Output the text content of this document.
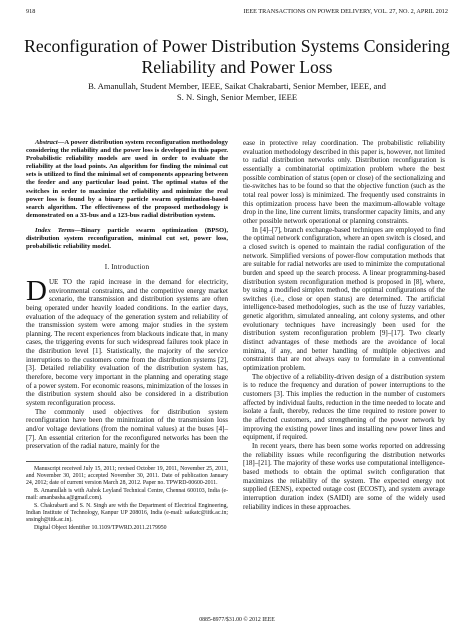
918	IEEE TRANSACTIONS ON POWER DELIVERY, VOL. 27, NO. 2, APRIL 2012
Reconfiguration of Power Distribution Systems Considering Reliability and Power Loss
B. Amanullah, Student Member, IEEE, Saikat Chakrabarti, Senior Member, IEEE, and
S. N. Singh, Senior Member, IEEE

Abstract—A power distribution system reconfiguration methodology considering the reliability and the power loss is developed in this paper. Probabilistic reliability models are used in order to evaluate the reliability at the load points. An algorithm for finding the minimal cut sets is utilized to find the minimal set of components appearing between the feeder and any particular load point. The optimal status of the switches in order to maximize the reliability and minimize the real power loss is found by a binary particle swarm optimization-based search algorithm. The effectiveness of the proposed methodology is demonstrated on a 33-bus and a 123-bus radial distribution system.

Index Terms—Binary particle swarm optimization (BPSO), distribution system reconfiguration, minimal cut set, power loss, probabilistic reliability model.

I. Introduction

DUE TO the rapid increase in the demand for electricity, environmental constraints, and the competitive energy market scenario, the transmission and distribution systems are often being operated under heavily loaded conditions. In the earlier days, evaluation of the adequacy of the generation system and reliability of the transmission system were among major studies in the system planning. The recent experiences from blackouts indicate that, in many cases, the triggering events for such widespread failures took place in the distribution level [1]. Statistically, the majority of the service interruptions to the customers come from the distribution systems [2], [3]. Detailed reliability evaluation of the distribution system has, therefore, become very important in the planning and operating stage of a power system. For economic reasons, minimization of the losses in the distribution system should also be considered in a distribution system reconfiguration process.

The commonly used objectives for distribution system reconfiguration have been the minimization of the transmission loss and/or voltage deviations (from the nominal values) at the buses [4]–[7]. An essential criterion for the reconfigured networks has been the preservation of the radial nature, mainly for the

Manuscript received July 15, 2011; revised October 19, 2011, November 25, 2011, and November 30, 2011; accepted November 30, 2011. Date of publication January 24, 2012; date of current version March 28, 2012. Paper no. TPWRD-00600-2011.

B. Amanullah is with Ashok Leyland Technical Centre, Chennai 600103, India (e-mail: amanbasha.a@gmail.com).

S. Chakrabarti and S. N. Singh are with the Department of Electrical Engineering, Indian Institute of Technology, Kanpur UP 208016, India (e-mail: saikatc@iitk.ac.in; snsingh@iitk.ac.in).

Digital Object Identifier 10.1109/TPWRD.2011.2179950

ease in protective relay coordination. The probabilistic reliability evaluation methodology described in this paper is, however, not limited to radial distribution networks only. Distribution reconfiguration is essentially a combinatorial optimization problem where the best possible combination of status (open or close) of the sectionalizing and tie-switches has to be found so that the objective function (such as the total real power loss) is minimized. The frequently used constraints in this optimization process have been the maximum-allowable voltage drop in the line, line current limits, transformer capacity limits, and any other possible network operational or planning constraints.

In [4]–[7], branch exchange-based techniques are employed to find the optimal network configuration, where an open switch is closed, and a closed switch is opened to maintain the radial configuration of the network. Simplified versions of power-flow computation methods that are suitable for radial networks are used to minimize the computational burden and speed up the search process. A linear programming-based distribution system reconfiguration method is proposed in [8], where, by using a modified simplex method, the optimal configurations of the switches (i.e., close or open status) are determined. The artificial intelligence-based methodologies, such as the use of fuzzy variables, genetic algorithm, simulated annealing, ant colony systems, and other evolutionary techniques have increasingly been used for the distribution system reconfiguration problem [9]–[17]. Two clearly distinct advantages of these methods are the avoidance of local minima, if any, and better handling of multiple objectives and constraints that are not always easy to formulate in a conventional optimization problem.

The objective of a reliability-driven design of a distribution system is to reduce the frequency and duration of power interruptions to the customers [3]. This implies the reduction in the number of customers affected by individual faults, reduction in the time needed to locate and isolate a fault, thereby, reduces the time required to restore power to the affected customers, and strengthening of the power network by improving the existing power lines and installing new power lines and equipment, if required.

In recent years, there has been some works reported on addressing the reliability issues while reconfiguring the distribution networks [18]–[21]. The majority of these works use computational intelligence-based methods to obtain the optimal switch configuration that maximizes the reliability of the system. The expected energy not supplied (EENS), expected outage cost (ECOST), and system average interruption duration index (SAIDI) are some of the widely used reliability indices in these approaches.

0885-8977/$31.00 © 2012 IEEE
